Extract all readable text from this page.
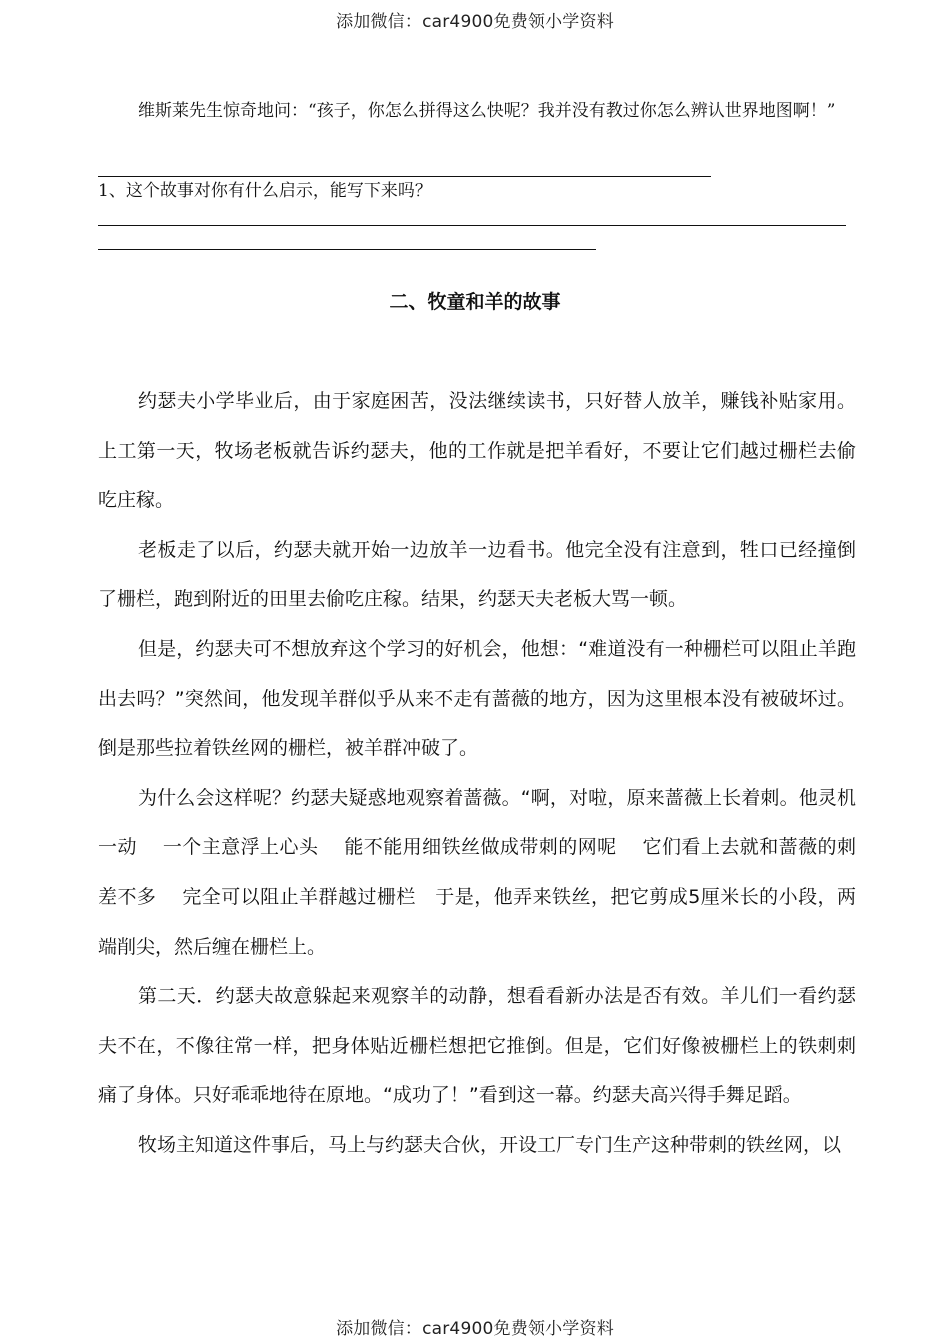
添加微信：car4900免费领小学资料
维斯莱先生惊奇地问：“孩子，你怎么拼得这么快呢？我并没有教过你怎么辨认世界地图啊！”
1、这个故事对你有什么启示，能写下来吗？
二、牧童和羊的故事

约瑟夫小学毕业后，由于家庭困苦，没法继续读书，只好替人放羊，赚钱补贴家用。上工第一天，牧场老板就告诉约瑟夫，他的工作就是把羊看好，不要让它们越过栅栏去偷吃庄稼。

老板走了以后，约瑟夫就开始一边放羊一边看书。他完全没有注意到，牲口已经撞倒了栅栏，跑到附近的田里去偷吃庄稼。结果，约瑟天夫老板大骂一顿。

但是，约瑟夫可不想放弃这个学习的好机会，他想：“难道没有一种栅栏可以阻止羊跑出去吗？”突然间，他发现羊群似乎从来不走有蔷薇的地方，因为这里根本没有被破坏过。倒是那些拉着铁丝网的栅栏，被羊群冲破了。

为什么会这样呢？约瑟夫疑惑地观察着蔷薇。“啊，对啦，原来蔷薇上长着刺。他灵机一动　 一个主意浮上心头　 能不能用细铁丝做成带刺的网呢　 它们看上去就和蔷薇的刺差不多　 完全可以阻止羊群越过栅栏　于是，他弄来铁丝，把它剪成5厘米长的小段，两端削尖，然后缠在栅栏上。

第二天．约瑟夫故意躲起来观察羊的动静，想看看新办法是否有效。羊儿们一看约瑟夫不在，不像往常一样，把身体贴近栅栏想把它推倒。但是，它们好像被栅栏上的铁刺刺痛了身体。只好乖乖地待在原地。“成功了！”看到这一幕。约瑟夫高兴得手舞足蹈。

牧场主知道这件事后，马上与约瑟夫合伙，开设工厂专门生产这种带刺的铁丝网，以

添加微信：car4900免费领小学资料
